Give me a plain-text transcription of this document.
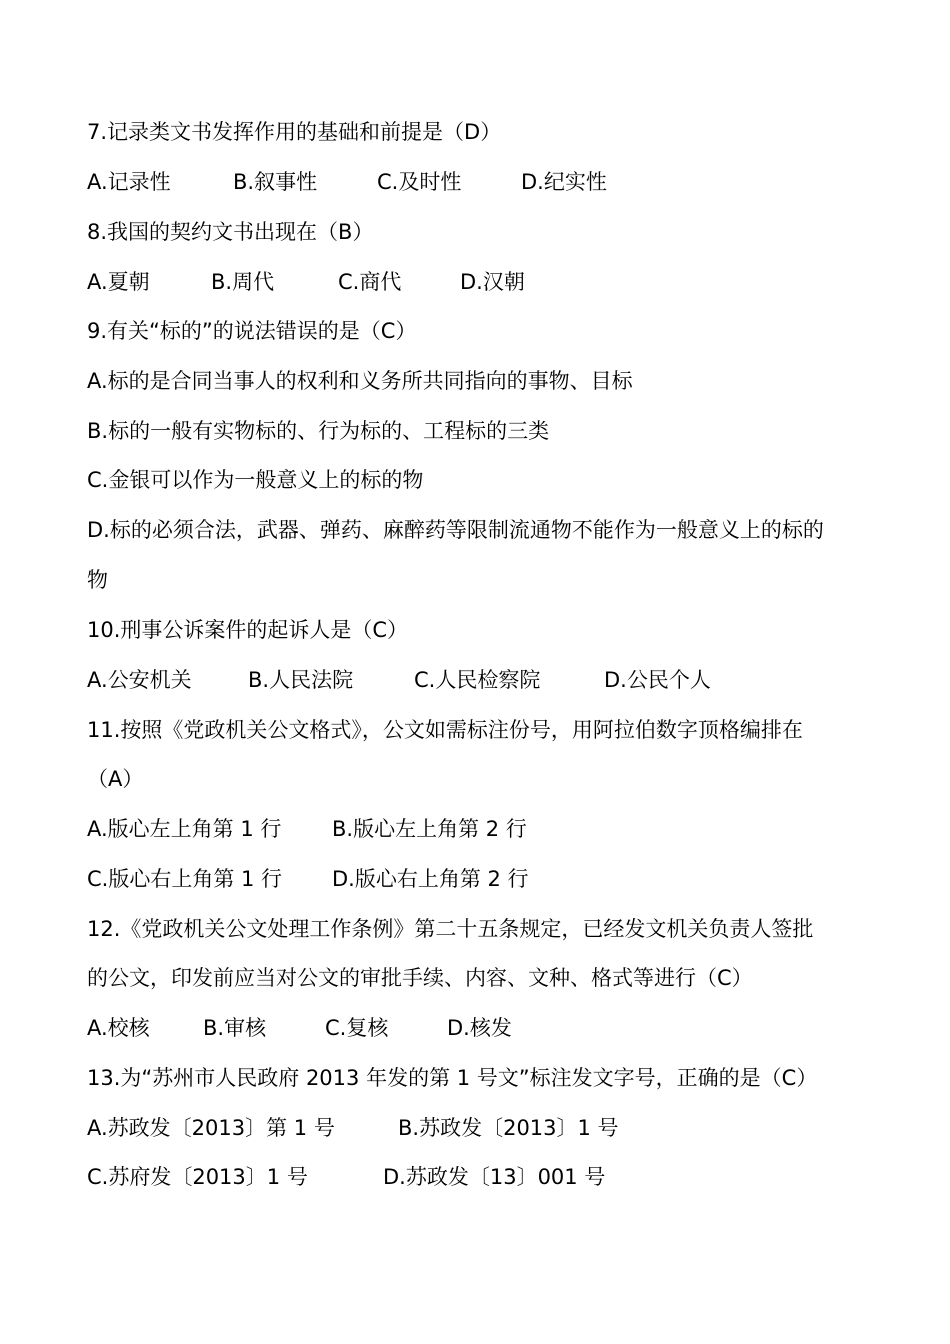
7.记录类文书发挥作用的基础和前提是（D）
A.记录性	B.叙事性	C.及时性	D.纪实性
8.我国的契约文书出现在（B）
A.夏朝	B.周代	C.商代	D.汉朝
9.有关“标的”的说法错误的是（C）
A.标的是合同当事人的权利和义务所共同指向的事物、目标
B.标的一般有实物标的、行为标的、工程标的三类
C.金银可以作为一般意义上的标的物
D.标的必须合法，武器、弹药、麻醉药等限制流通物不能作为一般意义上的标的
物
10.刑事公诉案件的起诉人是（C）
A.公安机关	B.人民法院	C.人民检察院	D.公民个人
11.按照《党政机关公文格式》，公文如需标注份号，用阿拉伯数字顶格编排在
（A）
A.版心左上角第 1 行 B.版心左上角第 2 行
C.版心右上角第 1 行 D.版心右上角第 2 行
12.《党政机关公文处理工作条例》第二十五条规定，已经发文机关负责人签批
的公文，印发前应当对公文的审批手续、内容、文种、格式等进行（C）
A.校核	B.审核	C.复核	D.核发
13.为“苏州市人民政府 2013 年发的第 1 号文”标注发文字号，正确的是（C）
A.苏政发〔2013〕第 1 号	B.苏政发〔2013〕1 号
C.苏府发〔2013〕1 号	D.苏政发〔13〕001 号
